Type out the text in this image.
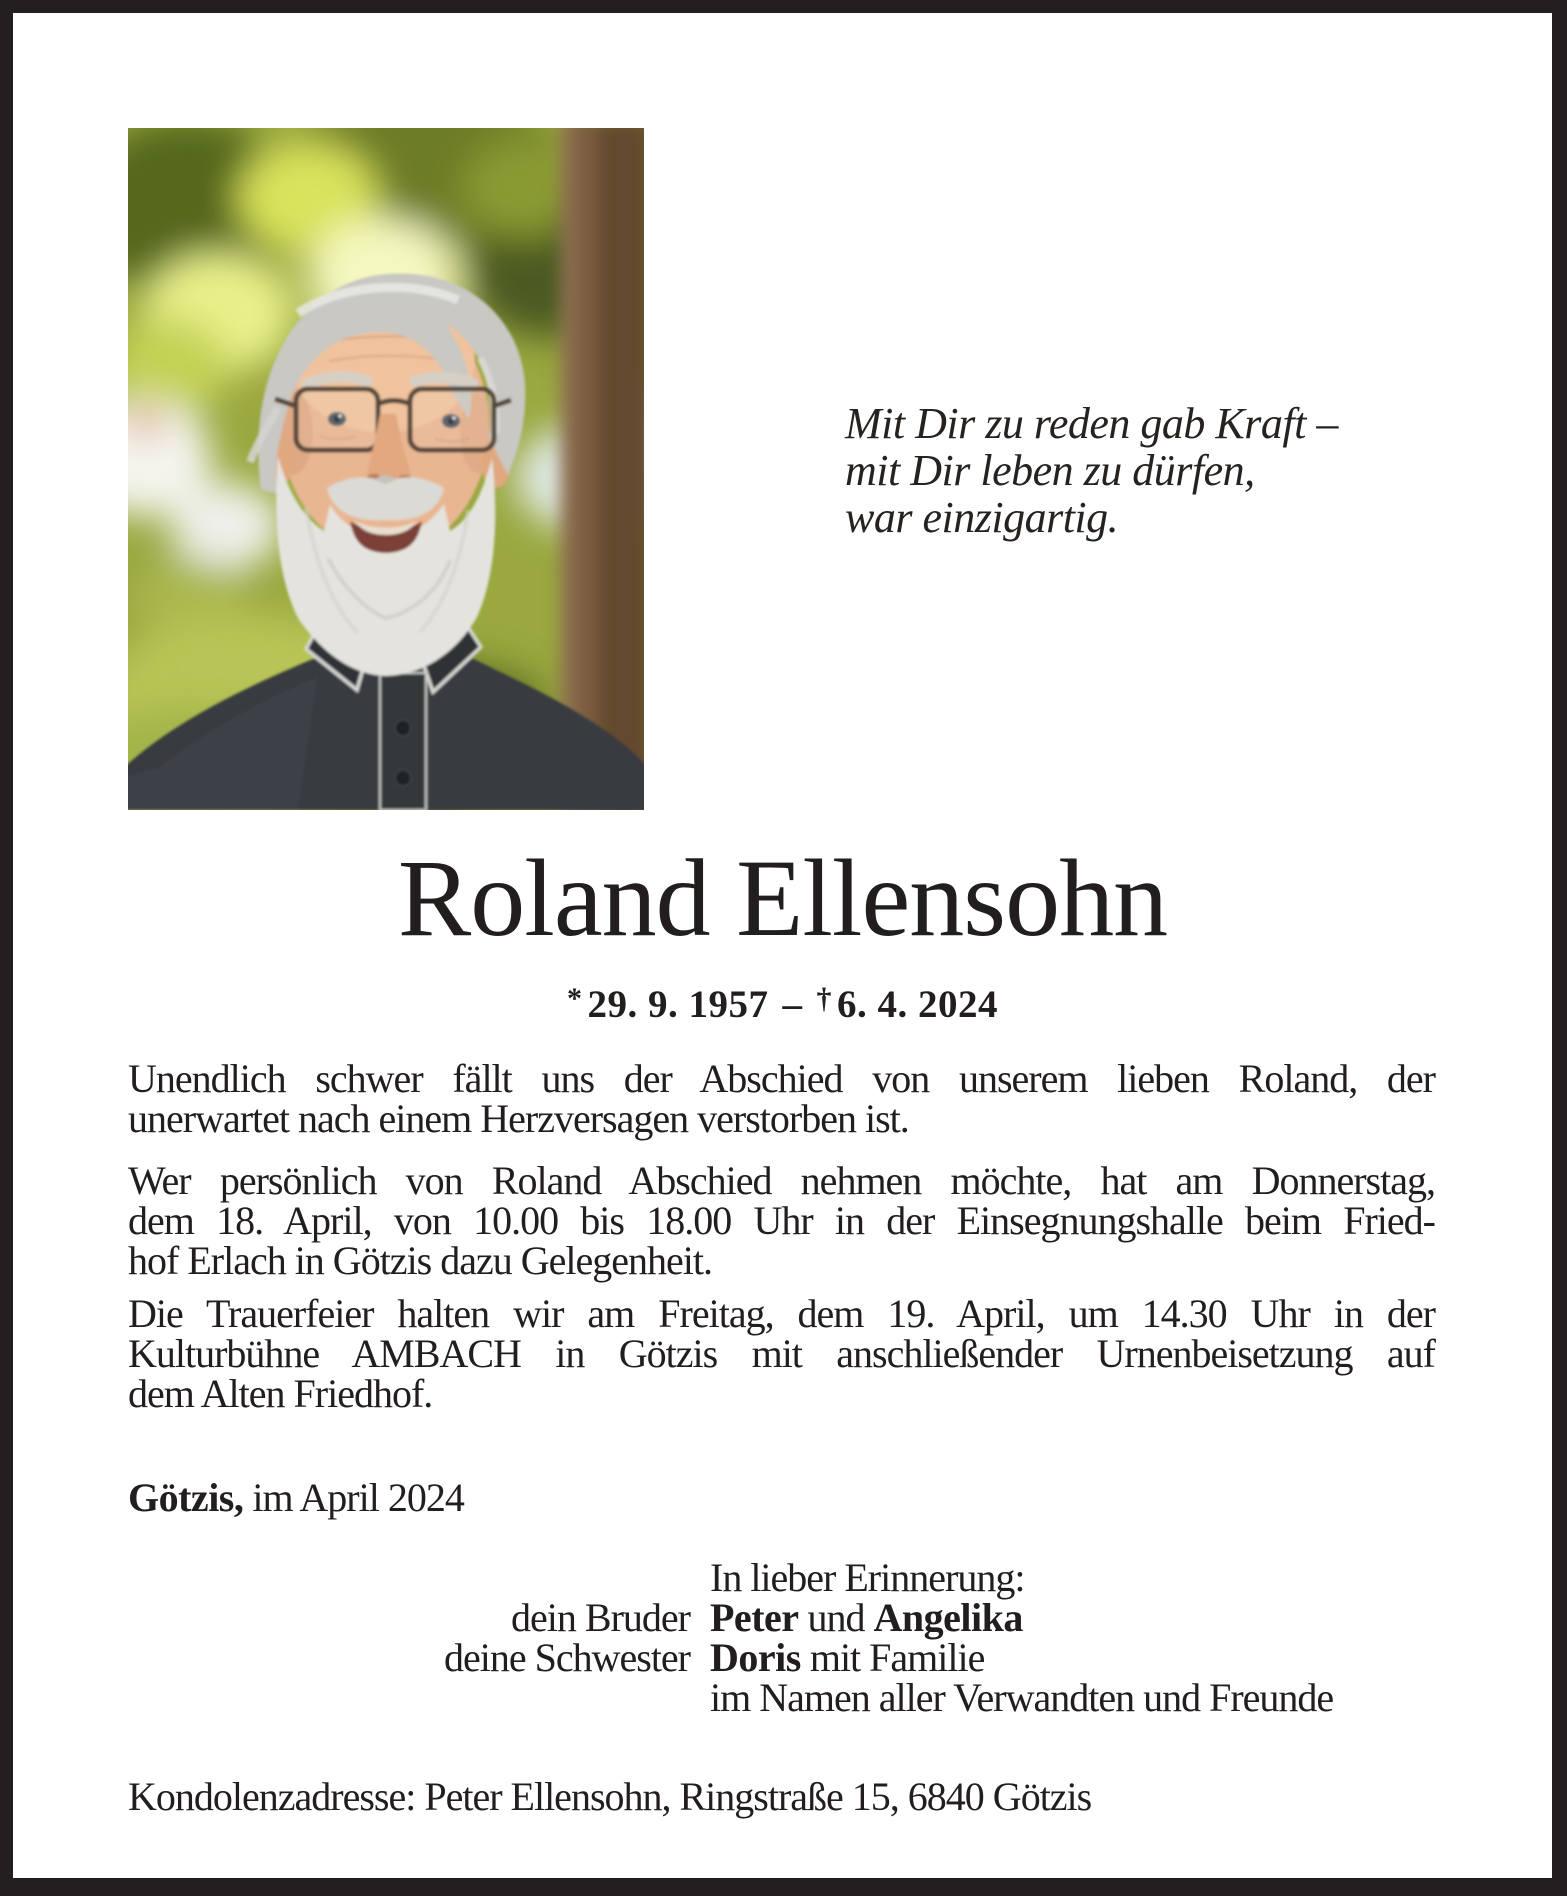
Mit Dir zu reden gab Kraft –
mit Dir leben zu dürfen,
war einzigartig.
Roland Ellensohn
* 29. 9. 1957 – † 6. 4. 2024
Unendlich schwer fällt uns der Abschied von unserem lieben Roland, der
unerwartet nach einem Herzversagen verstorben ist.
Wer persönlich von Roland Abschied nehmen möchte, hat am Donnerstag,
dem 18. April, von 10.00 bis 18.00 Uhr in der Einsegnungshalle beim Fried-
hof Erlach in Götzis dazu Gelegenheit.
Die Trauerfeier halten wir am Freitag, dem 19. April, um 14.30 Uhr in der
Kulturbühne AMBACH in Götzis mit anschließender Urnenbeisetzung auf
dem Alten Friedhof.
Götzis, im April 2024
In lieber Erinnerung:
dein Bruder Peter und Angelika
deine Schwester Doris mit Familie
im Namen aller Verwandten und Freunde
Kondolenzadresse: Peter Ellensohn, Ringstraße 15, 6840 Götzis
